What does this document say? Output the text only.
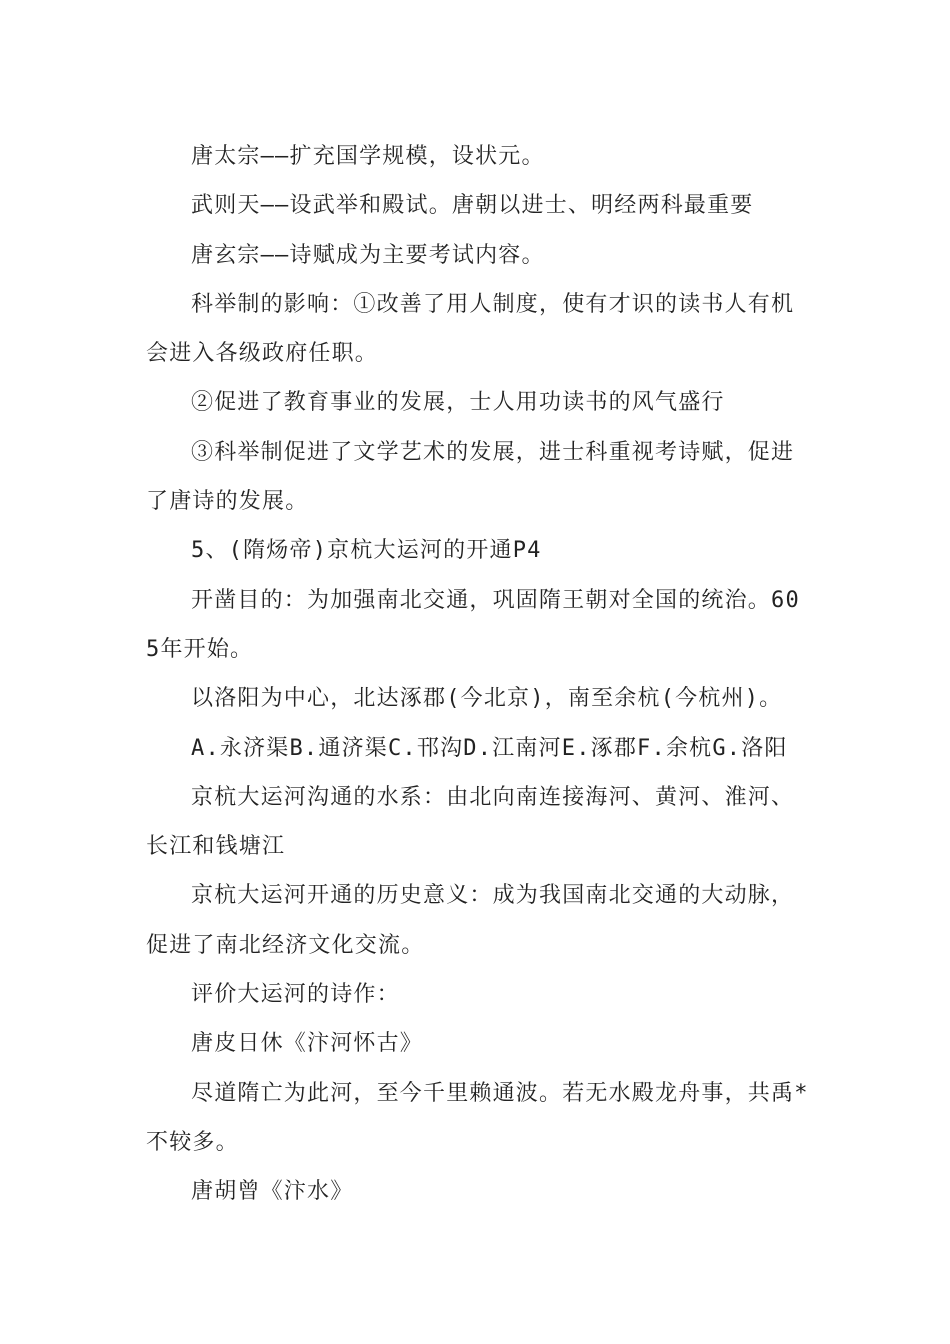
唐太宗——扩充国学规模，设状元。

武则天——设武举和殿试。唐朝以进士、明经两科最重要

唐玄宗——诗赋成为主要考试内容。

科举制的影响：①改善了用人制度，使有才识的读书人有机会进入各级政府任职。

②促进了教育事业的发展，士人用功读书的风气盛行

③科举制促进了文学艺术的发展，进士科重视考诗赋，促进了唐诗的发展。

5、(隋炀帝)京杭大运河的开通P4

开凿目的：为加强南北交通，巩固隋王朝对全国的统治。605年开始。

以洛阳为中心，北达涿郡(今北京)，南至余杭(今杭州)。

A.永济渠B.通济渠C.邗沟D.江南河E.涿郡F.余杭G.洛阳

京杭大运河沟通的水系：由北向南连接海河、黄河、淮河、长江和钱塘江

京杭大运河开通的历史意义：成为我国南北交通的大动脉，促进了南北经济文化交流。

评价大运河的诗作：

唐皮日休《汴河怀古》

尽道隋亡为此河，至今千里赖通波。若无水殿龙舟事，共禹*不较多。

唐胡曾《汴水》
